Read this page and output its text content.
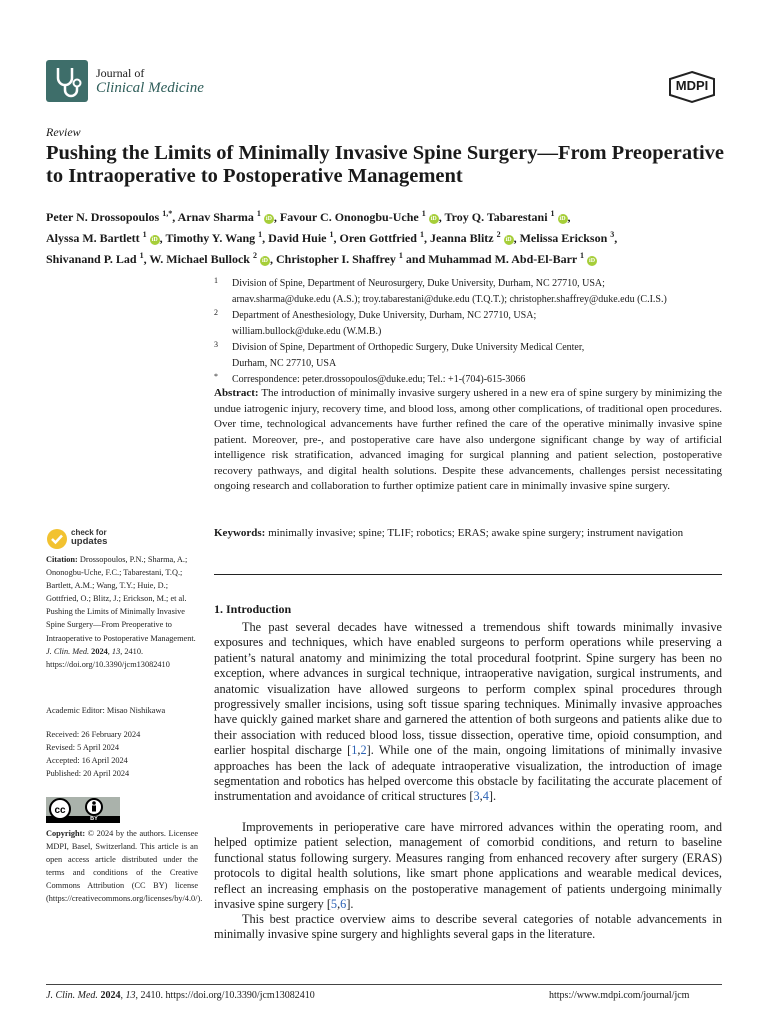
Journal of
Clinical Medicine	MDPI
Review
Pushing the Limits of Minimally Invasive Spine Surgery—From Preoperative to Intraoperative to Postoperative Management
Peter N. Drossopoulos $^{1,*}$, Arnav Sharma $^1$ iD , Favour C. Ononogbu-Uche $^1$ iD , Troy Q. Tabarestani $^1$ iD ,
Alyssa M. Bartlett $^1$ iD , Timothy Y. Wang $^1$, David Huie $^1$, Oren Gottfried $^1$, Jeanna Blitz $^2$ iD , Melissa Erickson $^3$,
Shivanand P. Lad $^1$, W. Michael Bullock $^2$ iD , Christopher I. Shaffrey $^1$ and Muhammad M. Abd-El-Barr $^1$ iD
1 Division of Spine, Department of Neurosurgery, Duke University, Durham, NC 27710, USA;
arnav.sharma@duke.edu (A.S.); troy.tabarestani@duke.edu (T.Q.T.); christopher.shaffrey@duke.edu (C.I.S.)
2 Department of Anesthesiology, Duke University, Durham, NC 27710, USA;
william.bullock@duke.edu (W.M.B.)
3 Division of Spine, Department of Orthopedic Surgery, Duke University Medical Center,
Durham, NC 27710, USA
* Correspondence: peter.drossopoulos@duke.edu; Tel.: +1-(704)-615-3066
Abstract: The introduction of minimally invasive surgery ushered in a new era of spine surgery by minimizing the undue iatrogenic injury, recovery time, and blood loss, among other complications, of traditional open procedures. Over time, technological advancements have further refined the care of the operative minimally invasive spine patient. Moreover, pre-, and postoperative care have also undergone significant change by way of artificial intelligence risk stratification, advanced imaging for surgical planning and patient selection, postoperative recovery pathways, and digital health solutions. Despite these advancements, challenges persist necessitating ongoing research and collaboration to further optimize patient care in minimally invasive spine surgery.
Keywords: minimally invasive; spine; TLIF; robotics; ERAS; awake spine surgery; instrument navigation
check for
updates
Citation: Drossopoulos, P.N.; Sharma, A.; Ononogbu-Uche, F.C.; Tabarestani, T.Q.; Bartlett, A.M.; Wang, T.Y.; Huie, D.; Gottfried, O.; Blitz, J.; Erickson, M.; et al. Pushing the Limits of Minimally Invasive Spine Surgery—From Preoperative to Intraoperative to Postoperative Management. J. Clin. Med. 2024, 13, 2410. https://doi.org/10.3390/jcm13082410
Academic Editor: Misao Nishikawa
Received: 26 February 2024
Revised: 5 April 2024
Accepted: 16 April 2024
Published: 20 April 2024
cc
BY
Copyright: © 2024 by the authors. Licensee MDPI, Basel, Switzerland. This article is an open access article distributed under the terms and conditions of the Creative Commons Attribution (CC BY) license (https://creativecommons.org/licenses/by/4.0/).
1. Introduction
The past several decades have witnessed a tremendous shift towards minimally invasive exposures and techniques, which have enabled surgeons to perform operations while preserving a patient’s natural anatomy and minimizing the total procedural footprint. Spine surgery has been no exception, where advances in surgical technique, intraoperative navigation, surgical instruments, and anatomic visualization have allowed surgeons to perform complex spinal procedures through progressively smaller incisions, using soft tissue sparing techniques. Minimally invasive approaches have quickly gained market share and garnered the attention of both surgeons and patients alike due to their association with reduced blood loss, tissue dissection, operative time, opioid consumption, and earlier hospital discharge [1,2]. While one of the main, ongoing limitations of minimally invasive approaches has been the lack of adequate intraoperative visualization, the introduction of image segmentation and robotics has helped overcome this obstacle by facilitating the accurate placement of instrumentation and avoidance of critical structures [3,4].
Improvements in perioperative care have mirrored advances within the operating room, and helped optimize patient selection, management of comorbid conditions, and return to baseline functional status following surgery. Measures ranging from enhanced recovery after surgery (ERAS) protocols to digital health solutions, like smart phone applications and wearable medical devices, reflect an increasing emphasis on the postoperative management of patients undergoing minimally invasive spine surgery [5,6].
This best practice overview aims to describe several categories of notable advancements in minimally invasive spine surgery and highlights several gaps in the literature.
J. Clin. Med. 2024, 13, 2410. https://doi.org/10.3390/jcm13082410	https://www.mdpi.com/journal/jcm
